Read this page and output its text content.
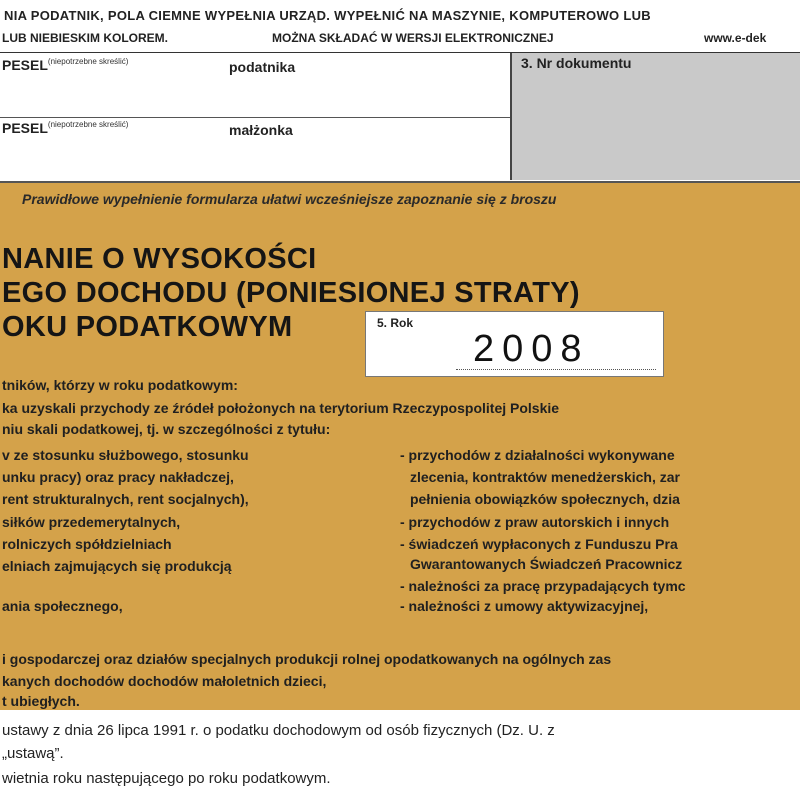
NIA PODATNIK, POLA CIEMNE WYPEŁNIA URZĄD. WYPEŁNIĆ NA MASZYNIE, KOMPUTEROWO LUB
LUB NIEBIESKIM KOLOREM.	MOŻNA SKŁADAĆ W WERSJI ELEKTRONICZNEJ	www.e-dek
$PESEL^{(niepotrzebne skreślić)}$	podatnika
$PESEL^{(niepotrzebne skreślić)}$	małżonka
3. Nr dokumentu
Prawidłowe wypełnienie formularza ułatwi wcześniejsze zapoznanie się z broszu
NANIE O WYSOKOŚCI
EGO DOCHODU (PONIESIONEJ STRATY)
OKU PODATKOWYM	5. Rok
2008
tników, którzy w roku podatkowym:
ka uzyskali przychody ze źródeł położonych na terytorium Rzeczypospolitej Polskie
niu skali podatkowej, tj. w szczególności z tytułu:
v ze stosunku służbowego, stosunku
unku pracy) oraz pracy nakładczej,
rent strukturalnych, rent socjalnych),
siłków przedemerytalnych,
rolniczych spółdzielniach
elniach zajmujących się produkcją
ania społecznego,
- przychodów z działalności wykonywane
zlecenia, kontraktów menedżerskich, zar
pełnienia obowiązków społecznych, dzia
- przychodów z praw autorskich i innych
- świadczeń wypłaconych z Funduszu Pra
Gwarantowanych Świadczeń Pracownicz
- należności za pracę przypadających tymc
- należności z umowy aktywizacyjnej,
i gospodarczej oraz działów specjalnych produkcji rolnej opodatkowanych na ogólnych zas
kanych dochodów dochodów małoletnich dzieci,
t ubiegłych.
ustawy z dnia 26 lipca 1991 r. o podatku dochodowym od osób fizycznych (Dz. U. z
„ustawą”.
wietnia roku następującego po roku podatkowym.
